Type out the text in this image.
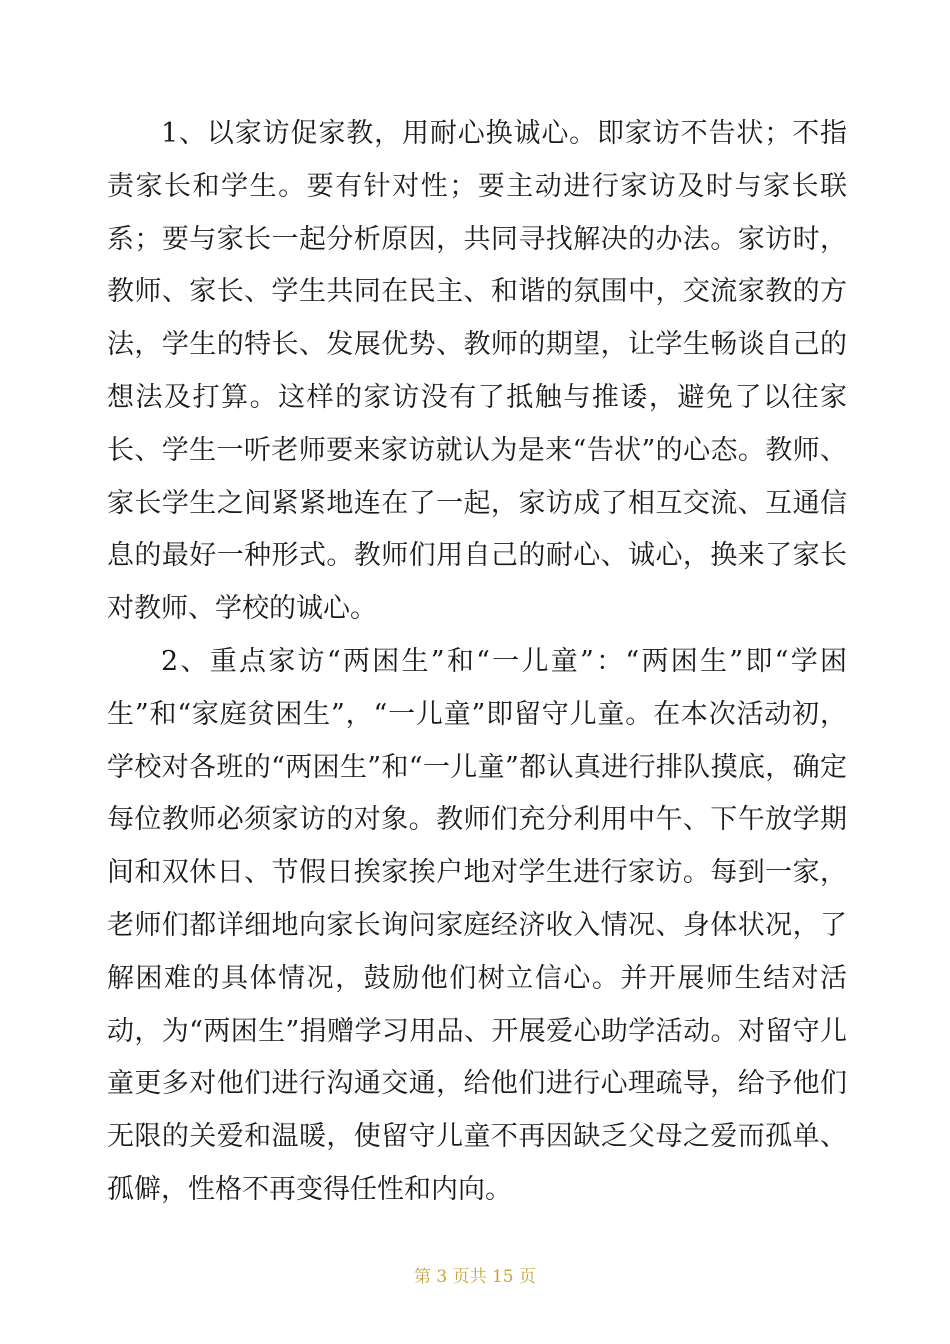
1、以家访促家教，用耐心换诚心。即家访不告状；不指责家长和学生。要有针对性；要主动进行家访及时与家长联系；要与家长一起分析原因，共同寻找解决的办法。家访时，教师、家长、学生共同在民主、和谐的氛围中，交流家教的方法，学生的特长、发展优势、教师的期望，让学生畅谈自己的想法及打算。这样的家访没有了抵触与推诿，避免了以往家长、学生一听老师要来家访就认为是来“告状”的心态。教师、家长学生之间紧紧地连在了一起，家访成了相互交流、互通信息的最好一种形式。教师们用自己的耐心、诚心，换来了家长对教师、学校的诚心。

2、重点家访“两困生”和“一儿童”：“两困生”即“学困生”和“家庭贫困生”，“一儿童”即留守儿童。在本次活动初，学校对各班的“两困生”和“一儿童”都认真进行排队摸底，确定每位教师必须家访的对象。教师们充分利用中午、下午放学期间和双休日、节假日挨家挨户地对学生进行家访。每到一家，老师们都详细地向家长询问家庭经济收入情况、身体状况，了解困难的具体情况，鼓励他们树立信心。并开展师生结对活动，为“两困生”捐赠学习用品、开展爱心助学活动。对留守儿童更多对他们进行沟通交通，给他们进行心理疏导，给予他们无限的关爱和温暖，使留守儿童不再因缺乏父母之爱而孤单、孤僻，性格不再变得任性和内向。

第 3 页共 15 页
